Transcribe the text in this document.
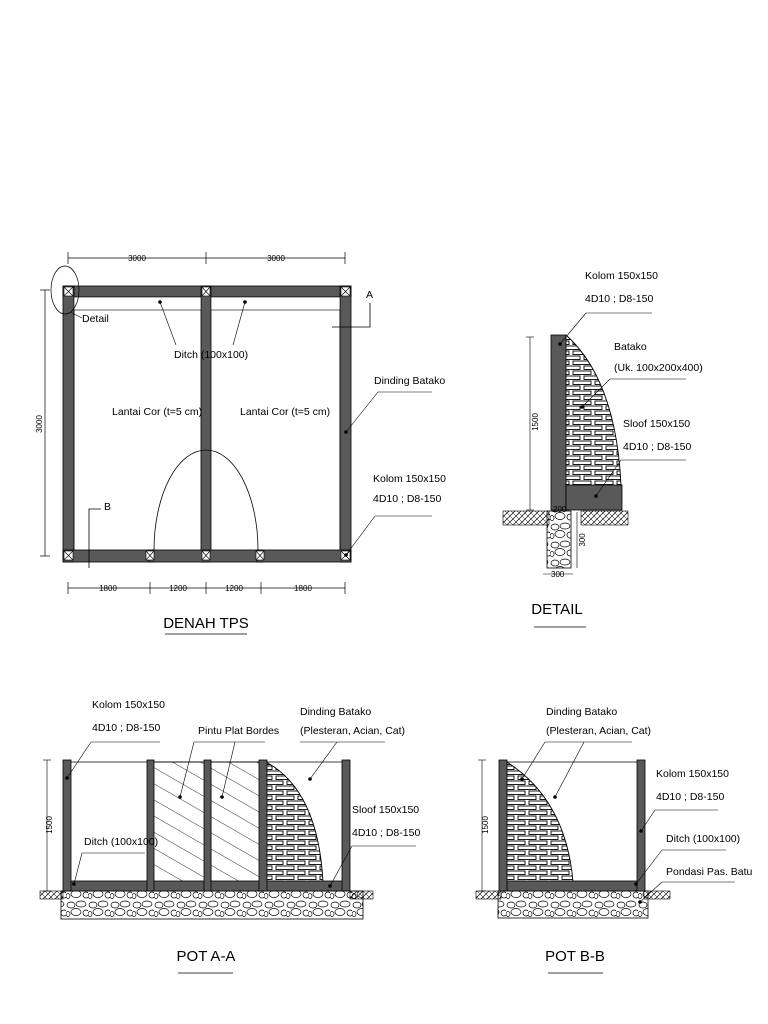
3000	3000
3000
Detail
A
B
Ditch (100x100)
Lantai Cor (t=5 cm)	Lantai Cor (t=5 cm)
Dinding Batako
Kolom 150x150
4D10 ; D8-150
1800	1200	1200	1800
DENAH TPS
1500
200
300
300
Kolom 150x150
4D10 ; D8-150
Batako
(Uk. 100x200x400)
Sloof 150x150
4D10 ; D8-150
DETAIL
1500
Kolom 150x150
4D10 ; D8-150	Pintu Plat Bordes
Dinding Batako
(Plesteran, Acian, Cat)
Sloof 150x150
4D10 ; D8-150
Ditch (100x100)
POT A-A
1500
Dinding Batako
(Plesteran, Acian, Cat)
Kolom 150x150
4D10 ; D8-150
Ditch (100x100)
Pondasi Pas. Batu
POT B-B
